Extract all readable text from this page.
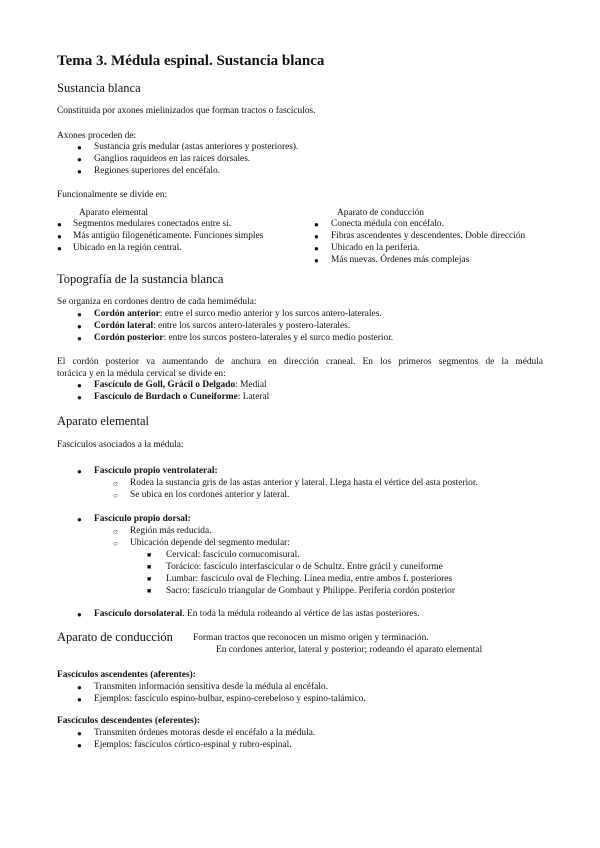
Tema 3. Médula espinal. Sustancia blanca
Sustancia blanca
Constituida por axones mielinizados que forman tractos o fascículos.
Axones proceden de:
● Sustancia gris medular (astas anteriores y posteriores).
● Ganglios raquídeos en las raíces dorsales.
● Regiones superiores del encéfalo.
Funcionalmente se divide en:
Aparato elemental
● Segmentos medulares conectados entre sí.
● Más antigüo filogenéticamente. Funciones simples
● Ubicado en la región central.
Aparato de conducción
● Conecta médula con encéfalo.
● Fibras ascendentes y descendentes. Doble dirección
● Ubicado en la periferia.
● Más nuevas. Órdenes más complejas
Topografía de la sustancia blanca
Se organiza en cordones dentro de cada hemimédula:
● Cordón anterior: entre el surco medio anterior y los surcos antero-laterales.
● Cordón lateral: entre los surcos antero-laterales y postero-laterales.
● Cordón posterior: entre los surcos postero-laterales y el surco medio posterior.
El cordón posterior va aumentando de anchura en dirección craneal. En los primeros segmentos de la médula
torácica y en la médula cervical se divide en:
● Fascículo de Goll, Grácil o Delgado: Medial
● Fascículo de Burdach o Cuneiforme: Lateral
Aparato elemental
Fascículos asociados a la médula:
● Fascículo propio ventrolateral:
○ Rodea la sustancia gris de las astas anterior y lateral. Llega hasta el vértice del asta posterior.
○ Se ubica en los cordones anterior y lateral.
● Fascículo propio dorsal:
○ Región más reducida.
○ Ubicación depende del segmento medular:
■ Cervical: fascículo cornucomisural.
■ Torácico: fascículo interfascicular o de Schultz. Entre grácil y cuneiforme
■ Lumbar: fascículo oval de Fleching. Línea media, entre ambos f. posteriores
■ Sacro: fascículo triangular de Gombaut y Philippe. Periferia cordón posterior
● Fascículo dorsolateral. En toda la médula rodeando al vértice de las astas posteriores.
Aparato de conducción Forman tractos que reconocen un mismo origen y terminación.
En cordones anterior, lateral y posterior; rodeando el aparato elemental
Fascículos ascendentes (aferentes):
● Transmiten información sensitiva desde la médula al encéfalo.
● Ejemplos: fascículo espino-bulbar, espino-cerebeloso y espino-talámico.
Fascículos descendentes (eferentes):
● Transmiten órdenes motoras desde el encéfalo a la médula.
● Ejemplos: fascículos córtico-espinal y rubro-espinal.
